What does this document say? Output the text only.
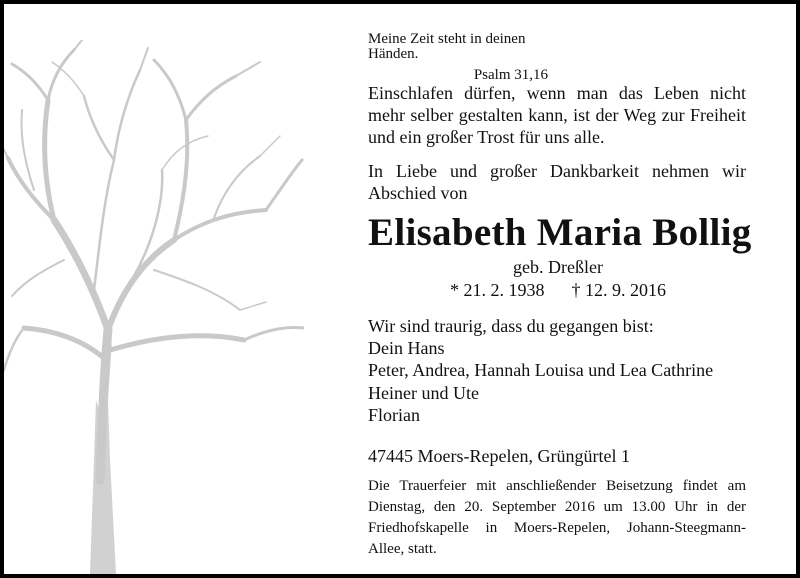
Meine Zeit steht in deinen Händen.

Psalm 31,16

Einschlafen dürfen, wenn man das Leben nicht

mehr selber gestalten kann, ist der Weg zur Freiheit

und ein großer Trost für uns alle.

In Liebe und großer Dankbarkeit nehmen wir

Abschied von

Elisabeth Maria Bollig

geb. Dreßler

* 21. 2. 1938 † 12. 9. 2016

Wir sind traurig, dass du gegangen bist:

Dein Hans

Peter, Andrea, Hannah Louisa und Lea Cathrine

Heiner und Ute

Florian

47445 Moers-Repelen, Grüngürtel 1

Die Trauerfeier mit anschließender Beisetzung findet am

Dienstag, den 20. September 2016 um 13.00 Uhr in der

Friedhofskapelle in Moers-Repelen, Johann-Steegmann-

Allee, statt.
